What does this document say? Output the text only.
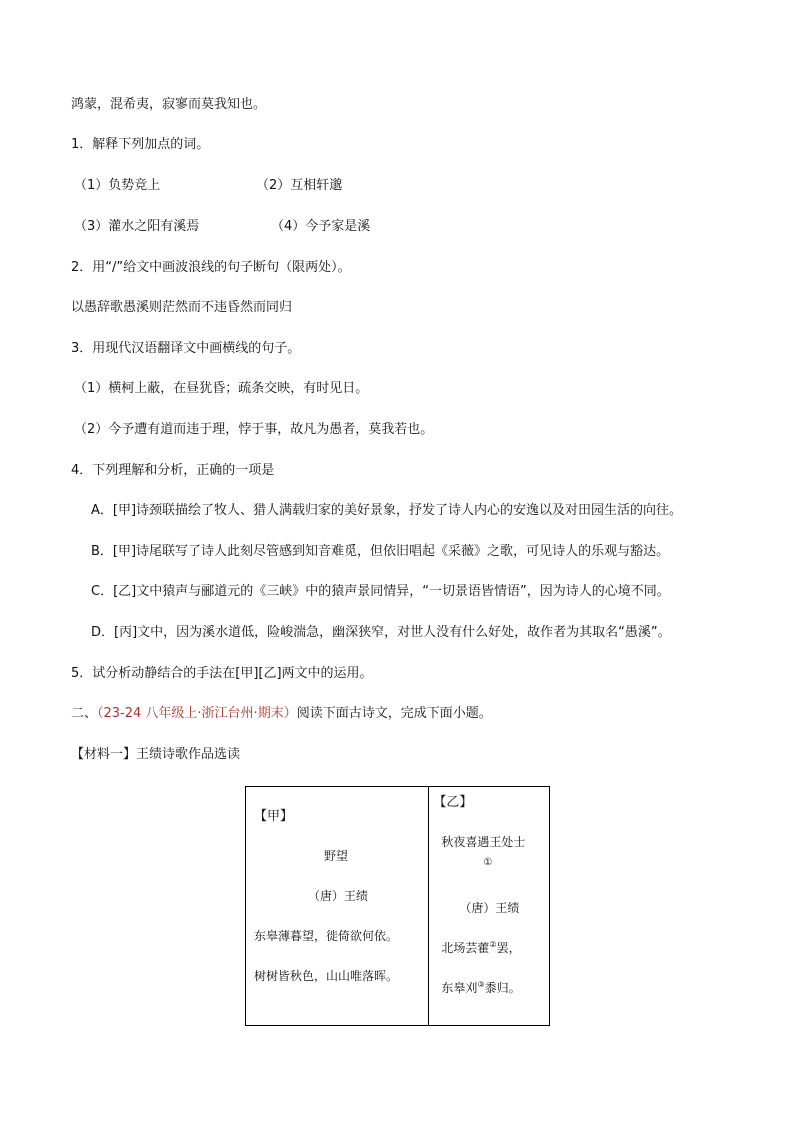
鸿蒙，混希夷，寂寥而莫我知也。
1．解释下列加点的词。
（1）负势竞上	（2）互相轩邈
（3）灌水之阳有溪焉	（4）今予家是溪
2．用“/”给文中画波浪线的句子断句（限两处）。
以愚辞歌愚溪则茫然而不违昏然而同归
3．用现代汉语翻译文中画横线的句子。
（1）横柯上蔽，在昼犹昏；疏条交映，有时见日。
（2）今予遭有道而违于理，悖于事，故凡为愚者，莫我若也。
4．下列理解和分析，正确的一项是
A．[甲]诗颈联描绘了牧人、猎人满载归家的美好景象，抒发了诗人内心的安逸以及对田园生活的向往。
B．[甲]诗尾联写了诗人此刻尽管感到知音难觅，但依旧唱起《采薇》之歌，可见诗人的乐观与豁达。
C．[乙]文中猿声与郦道元的《三峡》中的猿声景同情异，“一切景语皆情语”，因为诗人的心境不同。
D．[丙]文中，因为溪水道低，险峻湍急，幽深狭窄，对世人没有什么好处，故作者为其取名“愚溪”。
5．试分析动静结合的手法在[甲][乙]两文中的运用。
二、（23-24 八年级上·浙江台州·期末）阅读下面古诗文，完成下面小题。
【材料一】王绩诗歌作品选读
【甲】
野望
（唐）王绩
东皋薄暮望，徙倚欲何依。
树树皆秋色，山山唯落晖。

【乙】
秋夜喜遇王处士
①
（唐）王绩
北场芸藿②罢，
东皋刈③黍归。
